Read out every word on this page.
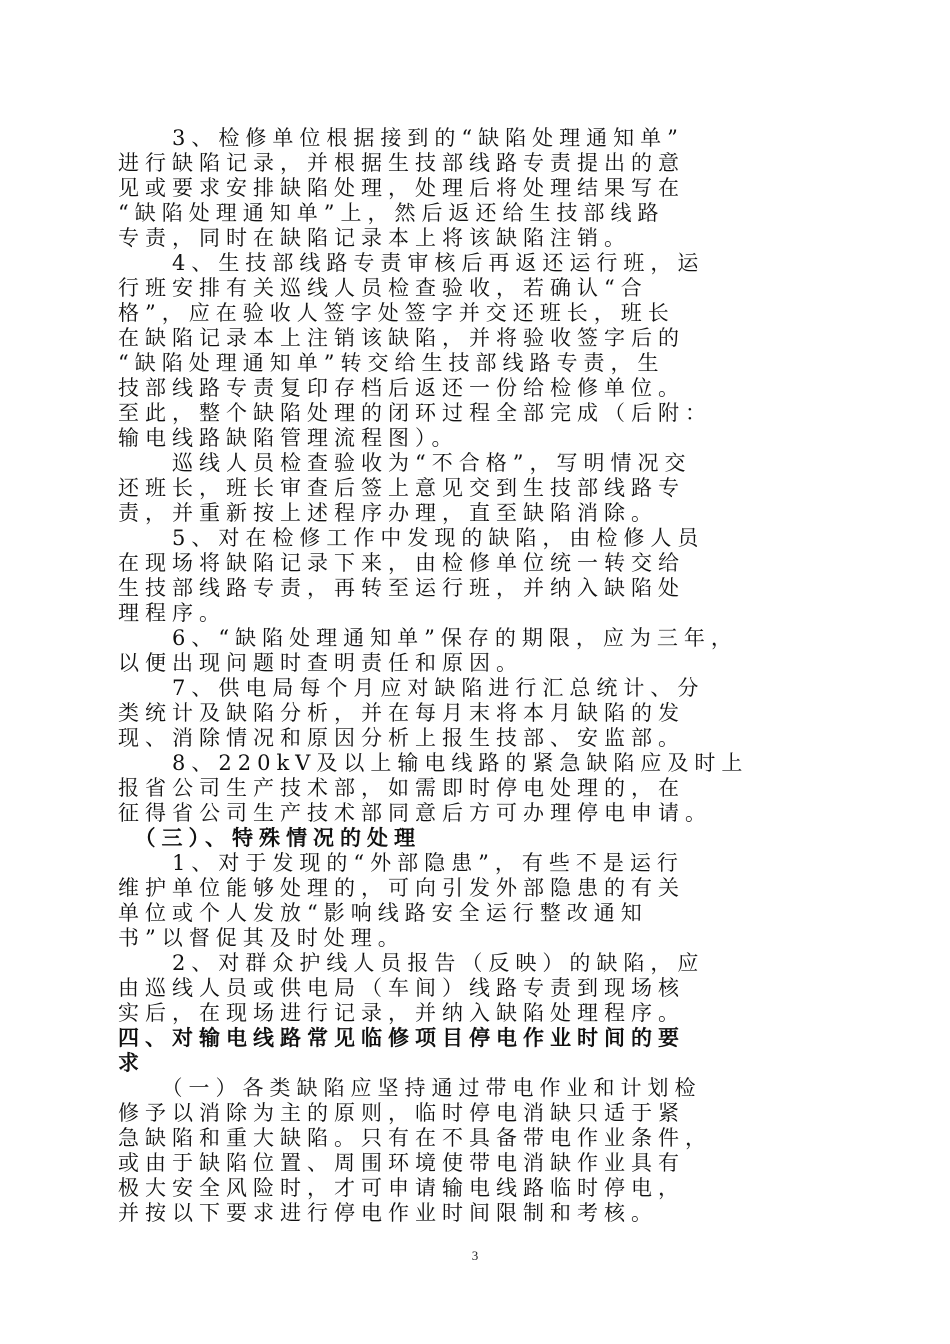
　　3、检修单位根据接到的“缺陷处理通知单”
进行缺陷记录，并根据生技部线路专责提出的意
见或要求安排缺陷处理，处理后将处理结果写在
“缺陷处理通知单”上，然后返还给生技部线路
专责，同时在缺陷记录本上将该缺陷注销。
　　4、生技部线路专责审核后再返还运行班，运
行班安排有关巡线人员检查验收，若确认“合
格”，应在验收人签字处签字并交还班长，班长
在缺陷记录本上注销该缺陷，并将验收签字后的
“缺陷处理通知单”转交给生技部线路专责，生
技部线路专责复印存档后返还一份给检修单位。
至此，整个缺陷处理的闭环过程全部完成（后附：
输电线路缺陷管理流程图）。
　　巡线人员检查验收为“不合格”，写明情况交
还班长，班长审查后签上意见交到生技部线路专
责，并重新按上述程序办理，直至缺陷消除。
　　5、对在检修工作中发现的缺陷，由检修人员
在现场将缺陷记录下来，由检修单位统一转交给
生技部线路专责，再转至运行班，并纳入缺陷处
理程序。
　　6、“缺陷处理通知单”保存的期限，应为三年，
以便出现问题时查明责任和原因。
　　7、供电局每个月应对缺陷进行汇总统计、分
类统计及缺陷分析，并在每月末将本月缺陷的发
现、消除情况和原因分析上报生技部、安监部。
　　8、220kV及以上输电线路的紧急缺陷应及时上
报省公司生产技术部，如需即时停电处理的，在
征得省公司生产技术部同意后方可办理停电申请。
　（三）、特殊情况的处理
　　1、对于发现的“外部隐患”，有些不是运行
维护单位能够处理的，可向引发外部隐患的有关
单位或个人发放“影响线路安全运行整改通知
书”以督促其及时处理。
　　2、对群众护线人员报告（反映）的缺陷，应
由巡线人员或供电局（车间）线路专责到现场核
实后，在现场进行记录，并纳入缺陷处理程序。
四、对输电线路常见临修项目停电作业时间的要
求
　　（一）各类缺陷应坚持通过带电作业和计划检
修予以消除为主的原则，临时停电消缺只适于紧
急缺陷和重大缺陷。只有在不具备带电作业条件，
或由于缺陷位置、周围环境使带电消缺作业具有
极大安全风险时，才可申请输电线路临时停电，
并按以下要求进行停电作业时间限制和考核。
3
